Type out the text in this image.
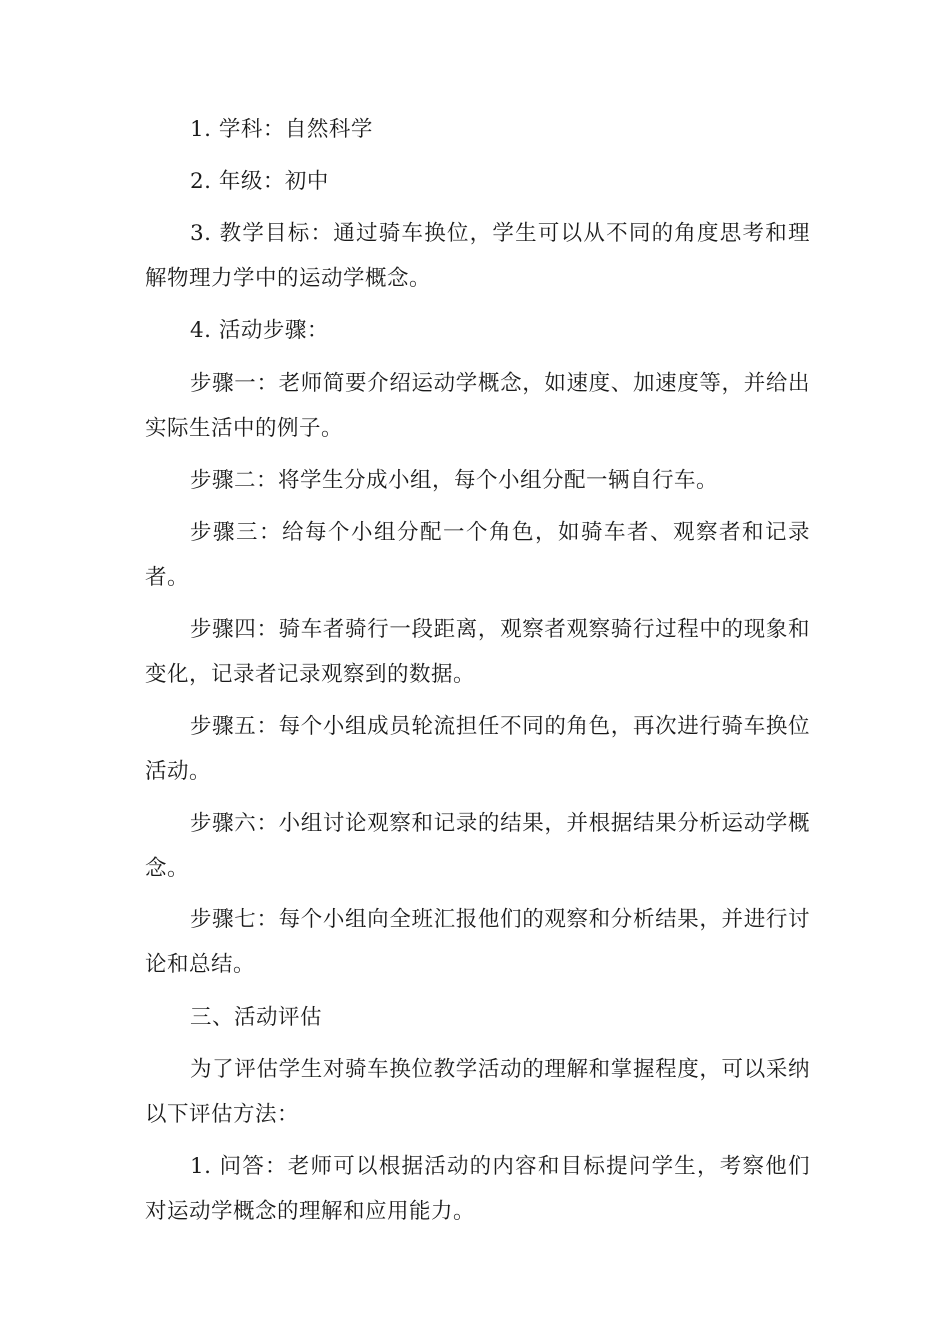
1. 学科：自然科学

2. 年级：初中

3. 教学目标：通过骑车换位，学生可以从不同的角度思考和理解物理力学中的运动学概念。

4. 活动步骤：

步骤一：老师简要介绍运动学概念，如速度、加速度等，并给出实际生活中的例子。

步骤二：将学生分成小组，每个小组分配一辆自行车。

步骤三：给每个小组分配一个角色，如骑车者、观察者和记录者。

步骤四：骑车者骑行一段距离，观察者观察骑行过程中的现象和变化，记录者记录观察到的数据。

步骤五：每个小组成员轮流担任不同的角色，再次进行骑车换位活动。

步骤六：小组讨论观察和记录的结果，并根据结果分析运动学概念。

步骤七：每个小组向全班汇报他们的观察和分析结果，并进行讨论和总结。

三、活动评估

为了评估学生对骑车换位教学活动的理解和掌握程度，可以采纳以下评估方法：

1. 问答：老师可以根据活动的内容和目标提问学生，考察他们对运动学概念的理解和应用能力。
